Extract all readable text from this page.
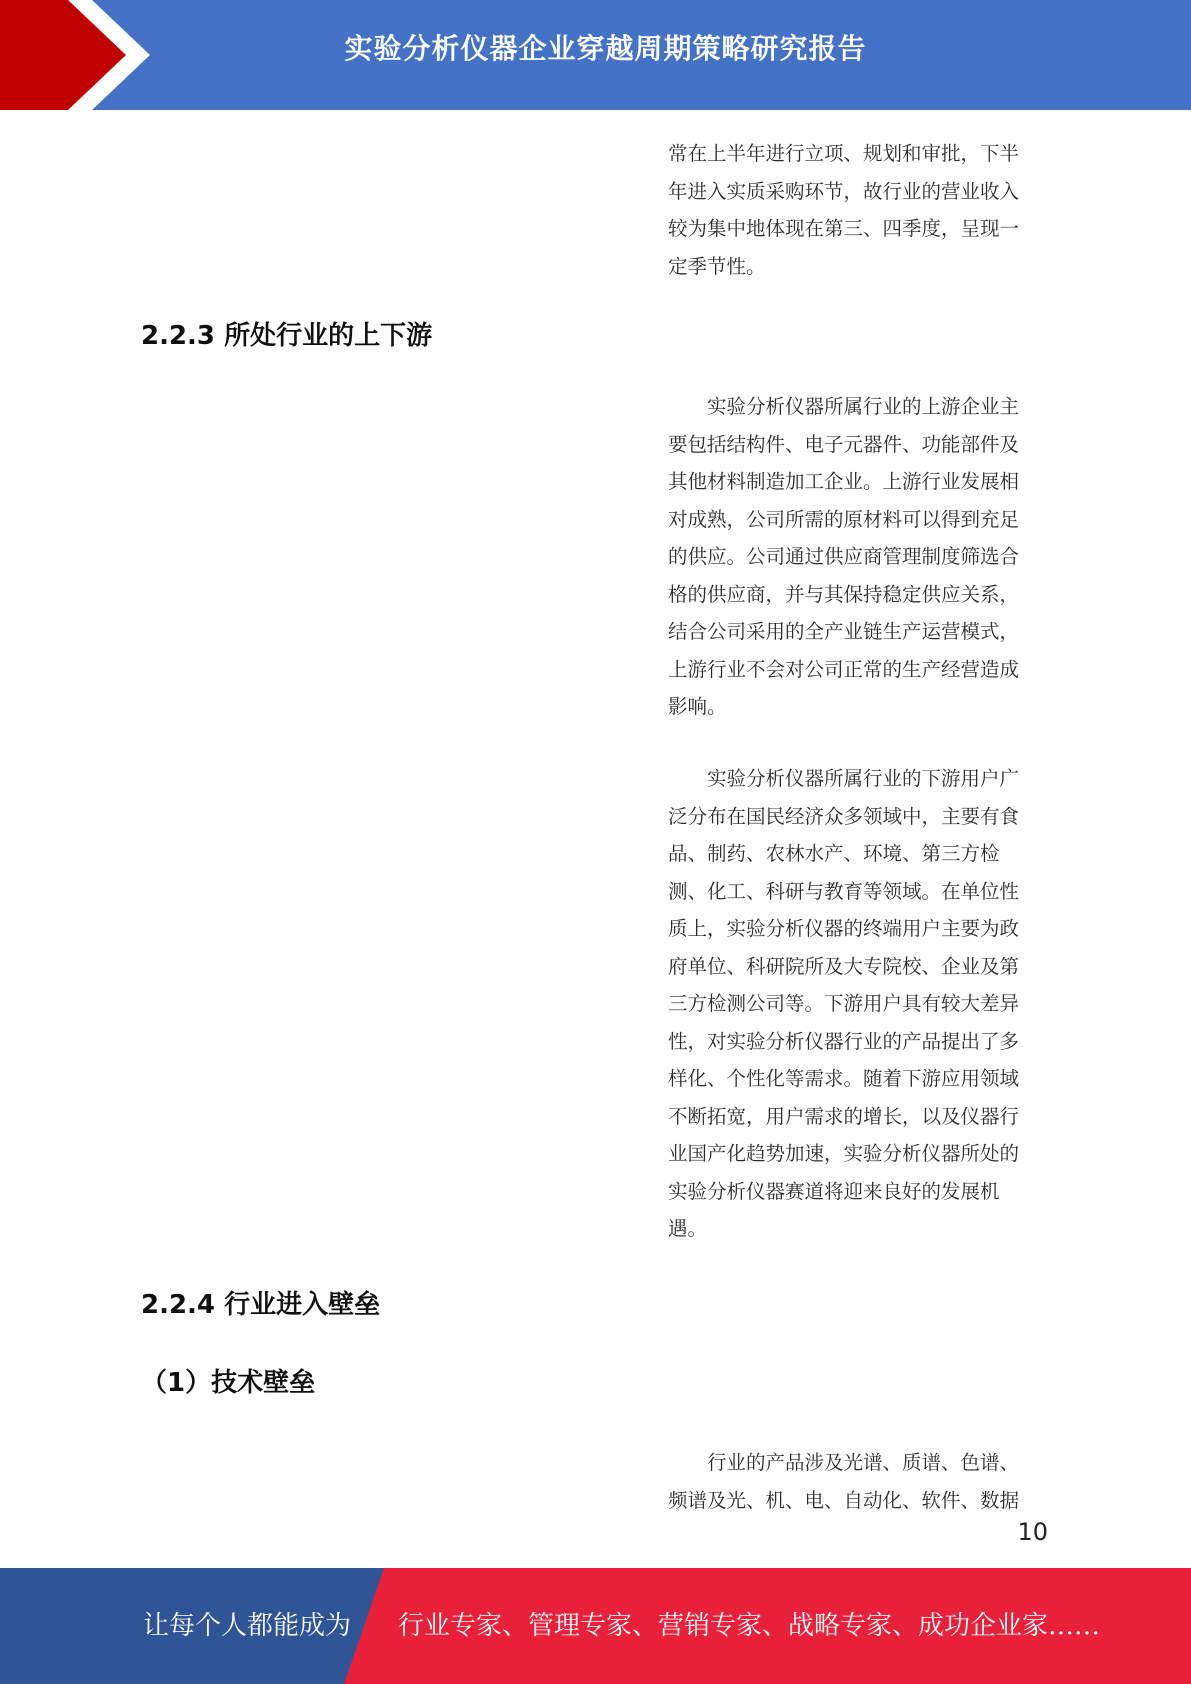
实验分析仪器企业穿越周期策略研究报告

常在上半年进行立项、规划和审批，下半
年进入实质采购环节，故行业的营业收入
较为集中地体现在第三、四季度，呈现一
定季节性。

2.2.3 所处行业的上下游

　　实验分析仪器所属行业的上游企业主
要包括结构件、电子元器件、功能部件及
其他材料制造加工企业。上游行业发展相
对成熟，公司所需的原材料可以得到充足
的供应。公司通过供应商管理制度筛选合
格的供应商，并与其保持稳定供应关系，
结合公司采用的全产业链生产运营模式，
上游行业不会对公司正常的生产经营造成
影响。

　　实验分析仪器所属行业的下游用户广
泛分布在国民经济众多领域中，主要有食
品、制药、农林水产、环境、第三方检
测、化工、科研与教育等领域。在单位性
质上，实验分析仪器的终端用户主要为政
府单位、科研院所及大专院校、企业及第
三方检测公司等。下游用户具有较大差异
性，对实验分析仪器行业的产品提出了多
样化、个性化等需求。随着下游应用领域
不断拓宽，用户需求的增长，以及仪器行
业国产化趋势加速，实验分析仪器所处的
实验分析仪器赛道将迎来良好的发展机
遇。

2.2.4 行业进入壁垒
（1）技术壁垒

　　行业的产品涉及光谱、质谱、色谱、
频谱及光、机、电、自动化、软件、数据

10
让每个人都能成为 行业专家、管理专家、营销专家、战略专家、成功企业家……
